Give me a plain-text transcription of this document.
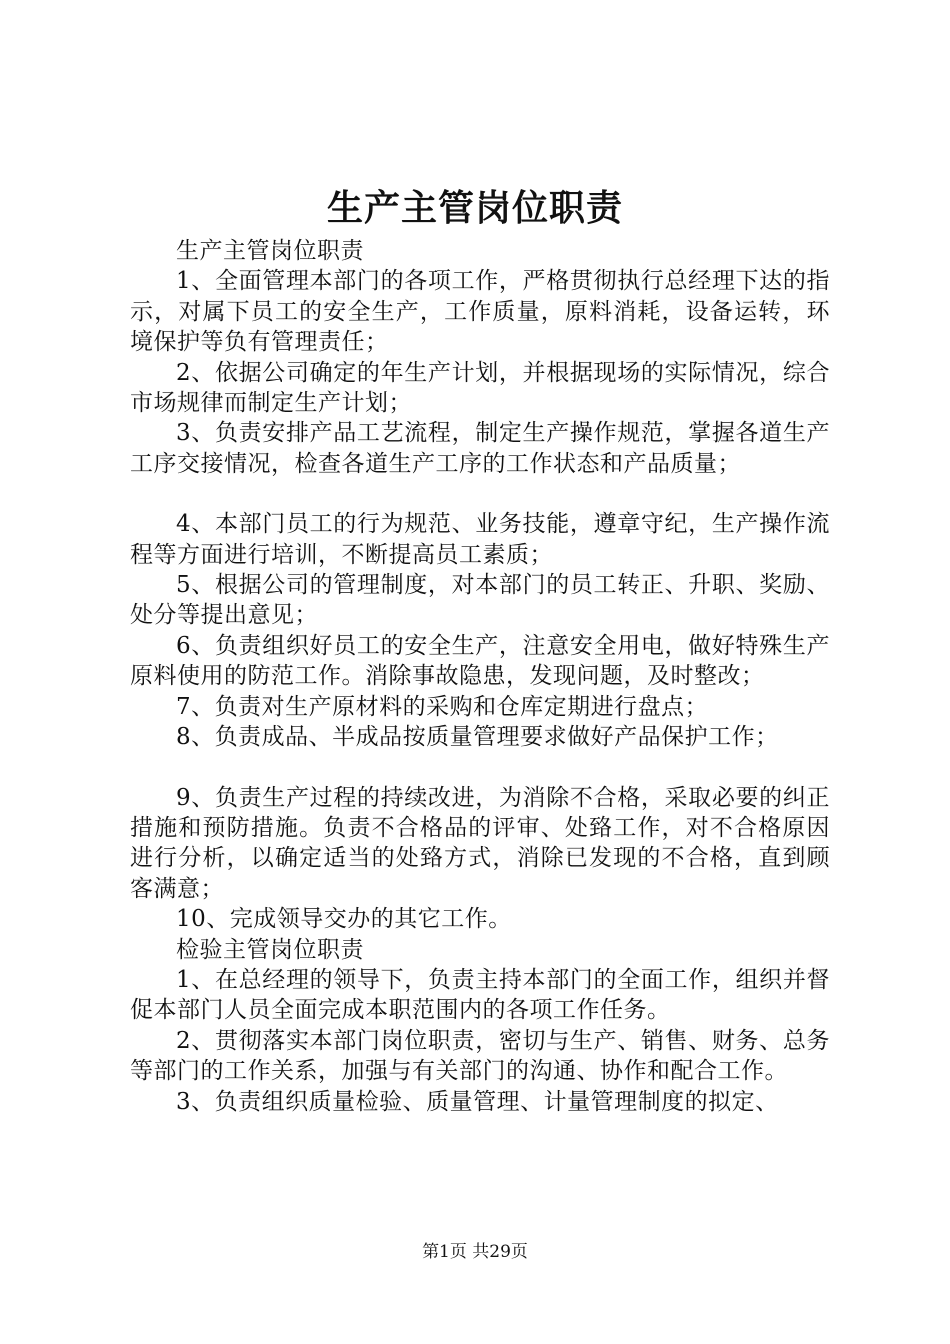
生产主管岗位职责

生产主管岗位职责

1、全面管理本部门的各项工作，严格贯彻执行总经理下达的指示，对属下员工的安全生产，工作质量，原料消耗，设备运转，环境保护等负有管理责任；

2、依据公司确定的年生产计划，并根据现场的实际情况，综合市场规律而制定生产计划；

3、负责安排产品工艺流程，制定生产操作规范，掌握各道生产工序交接情况，检查各道生产工序的工作状态和产品质量；

4、本部门员工的行为规范、业务技能，遵章守纪，生产操作流程等方面进行培训，不断提高员工素质；

5、根据公司的管理制度，对本部门的员工转正、升职、奖励、处分等提出意见；

6、负责组织好员工的安全生产，注意安全用电，做好特殊生产原料使用的防范工作。消除事故隐患，发现问题，及时整改；

7、负责对生产原材料的采购和仓库定期进行盘点；

8、负责成品、半成品按质量管理要求做好产品保护工作；

9、负责生产过程的持续改进，为消除不合格，采取必要的纠正措施和预防措施。负责不合格品的评审、处臵工作，对不合格原因进行分析，以确定适当的处臵方式，消除已发现的不合格，直到顾客满意；

10、完成领导交办的其它工作。

检验主管岗位职责

1、在总经理的领导下，负责主持本部门的全面工作，组织并督促本部门人员全面完成本职范围内的各项工作任务。

2、贯彻落实本部门岗位职责，密切与生产、销售、财务、总务等部门的工作关系，加强与有关部门的沟通、协作和配合工作。

3、负责组织质量检验、质量管理、计量管理制度的拟定、

第1页 共29页
